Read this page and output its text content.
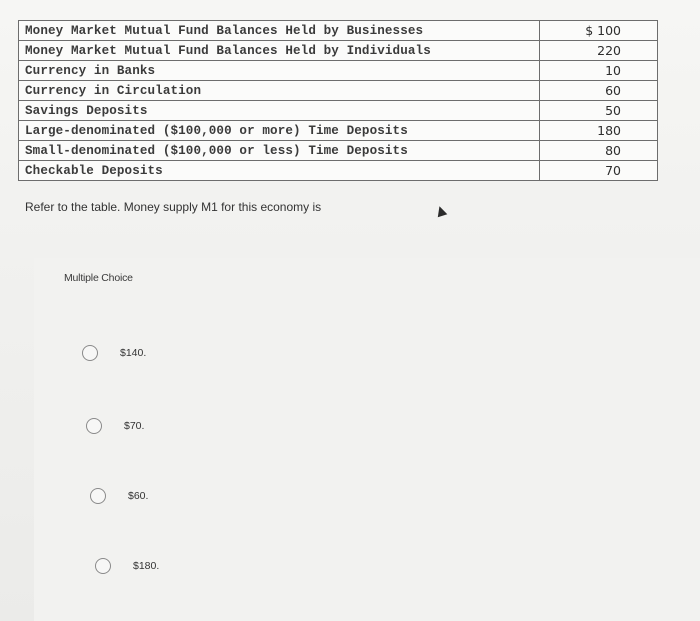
Money Market Mutual Fund Balances Held by Businesses	$ 100
Money Market Mutual Fund Balances Held by Individuals	220
Currency in Banks	10
Currency in Circulation	60
Savings Deposits	50
Large-denominated ($100,000 or more) Time Deposits	180
Small-denominated ($100,000 or less) Time Deposits	80
Checkable Deposits	70
Refer to the table. Money supply M1 for this economy is
Multiple Choice
$140.
$70.
$60.
$180.
